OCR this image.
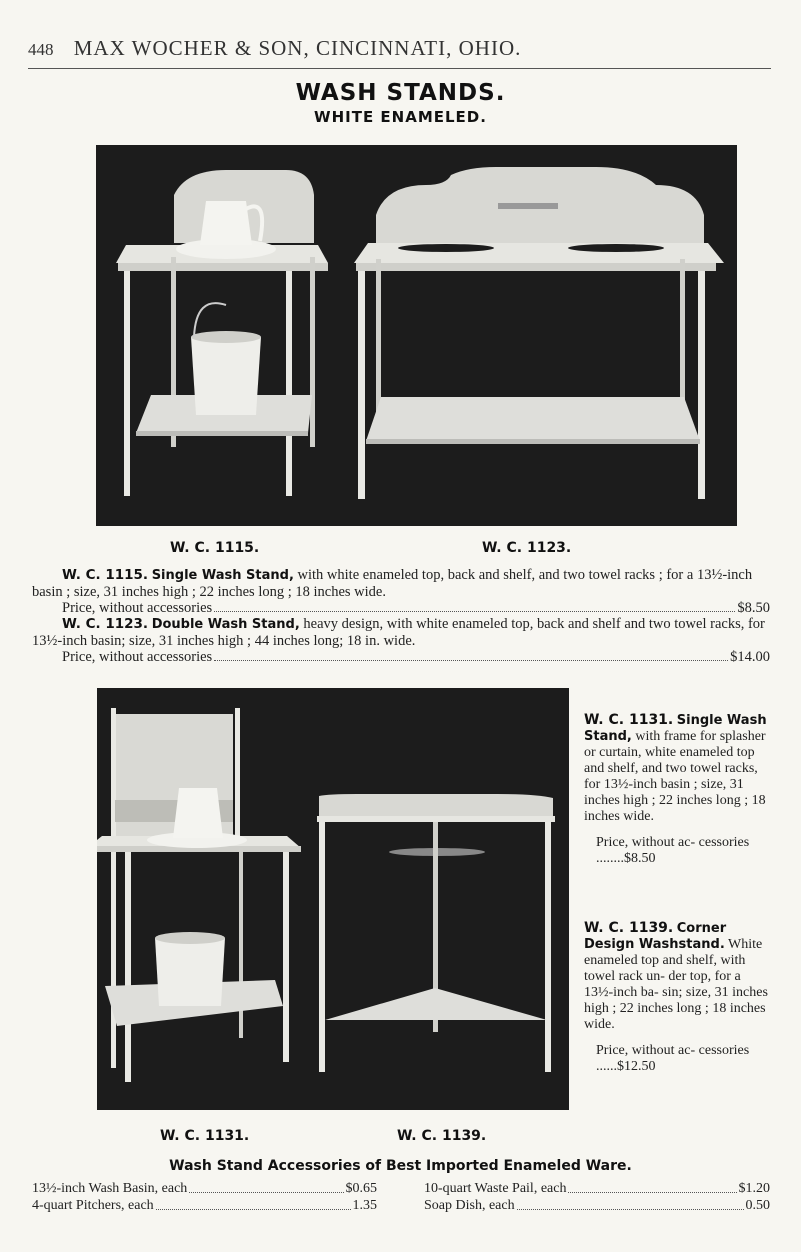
448 MAX WOCHER & SON, CINCINNATI, OHIO.
WASH STANDS.
WHITE ENAMELED.
W. C. 1115.	W. C. 1123.
W. C. 1115. Single Wash Stand, with white enameled top, back and shelf, and two towel racks ; for a 13½-inch basin ; size, 31 inches high ; 22 inches long ; 18 inches wide.
Price, without accessories	$8.50
W. C. 1123. Double Wash Stand, heavy design, with white enameled top, back and shelf and two towel racks, for 13½-inch basin; size, 31 inches high ; 44 inches long; 18 in. wide.
Price, without accessories	$14.00
W. C. 1131. Single Wash Stand, with frame for splasher or curtain, white enameled top and shelf, and two towel racks, for 13½-inch basin ; size, 31 inches high ; 22 inches long ; 18 inches wide.
Price, without ac- cessories ........$8.50
W. C. 1139. Corner Design Washstand. White enameled top and shelf, with towel rack un- der top, for a 13½-inch ba- sin; size, 31 inches high ; 22 inches long ; 18 inches wide.
Price, without ac- cessories ......$12.50
W. C. 1131.	W. C. 1139.
Wash Stand Accessories of Best Imported Enameled Ware.
13½-inch Wash Basin, each	$0.65
4-quart Pitchers, each	1.35
10-quart Waste Pail, each	$1.20
Soap Dish, each	0.50
